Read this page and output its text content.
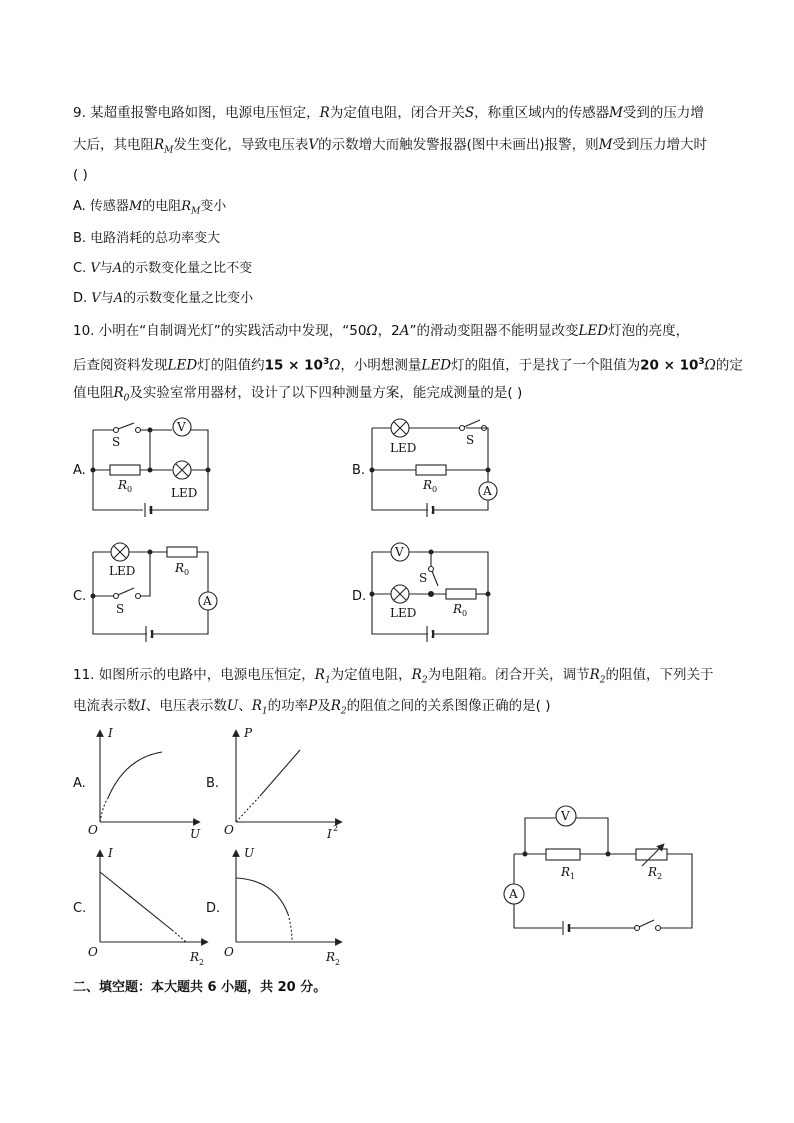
9. 某超重报警电路如图，电源电压恒定，R为定值电阻，闭合开关S，称重区域内的传感器M受到的压力增
大后，其电阻$R_M$发生变化，导致电压表V的示数增大而触发警报器(图中未画出)报警，则M受到压力增大时
( )
A. 传感器M的电阻$R_M$变小
B. 电路消耗的总功率变大
C. V与A的示数变化量之比不变
D. V与A的示数变化量之比变小
10. 小明在“自制调光灯”的实践活动中发现，“50Ω，2A”的滑动变阻器不能明显改变LED灯泡的亮度，
后查阅资料发现LED灯的阻值约$15 \times 10^3\Omega$，小明想测量LED灯的阻值，于是找了一个阻值为$20 \times 10^3\Omega$的定
值电阻$R_0$及实验室常用器材，设计了以下四种测量方案，能完成测量的是( )
A.
S
V
R 0	LED
B.
LED
S
R 0	A
C.
LED	R 0
S
A	D.
V
S
LED	R 0
11. 如图所示的电路中，电源电压恒定，$R_1$为定值电阻，$R_2$为电阻箱。闭合开关，调节$R_2$的阻值，下列关于
电流表示数I、电压表示数U、$R_1$的功率P及$R_2$的阻值之间的关系图像正确的是( )
A.	B.
C.	D.
I
U
O
P
I 2
O
I
R 2
O
U
R 2
O
V
A
R 1	R 2
二、填空题：本大题共 6 小题，共 20 分。
